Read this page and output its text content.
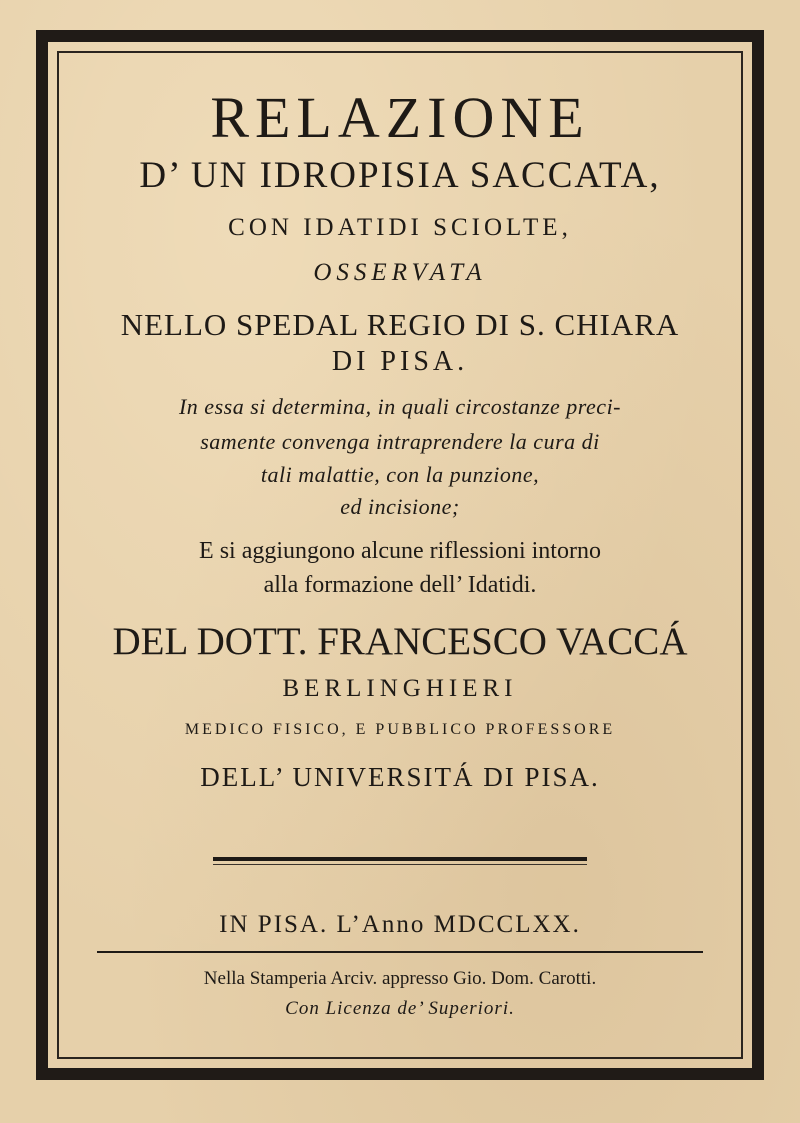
RELAZIONE
D’ UN IDROPISIA SACCATA,
CON IDATIDI SCIOLTE,
OSSERVATA
NELLO SPEDAL REGIO DI S. CHIARA
DI PISA.
In essa si determina, in quali circostanze preci-
samente convenga intraprendere la cura di
tali malattie, con la punzione,
ed incisione;
E si aggiungono alcune riflessioni intorno
alla formazione dell’ Idatidi.
DEL DOTT. FRANCESCO VACCÁ
BERLINGHIERI
MEDICO FISICO, E PUBBLICO PROFESSORE
DELL’ UNIVERSITÁ DI PISA.
IN PISA. L’Anno MDCCLXX.
Nella Stamperia Arciv. appresso Gio. Dom. Carotti.
Con Licenza de’ Superiori.
